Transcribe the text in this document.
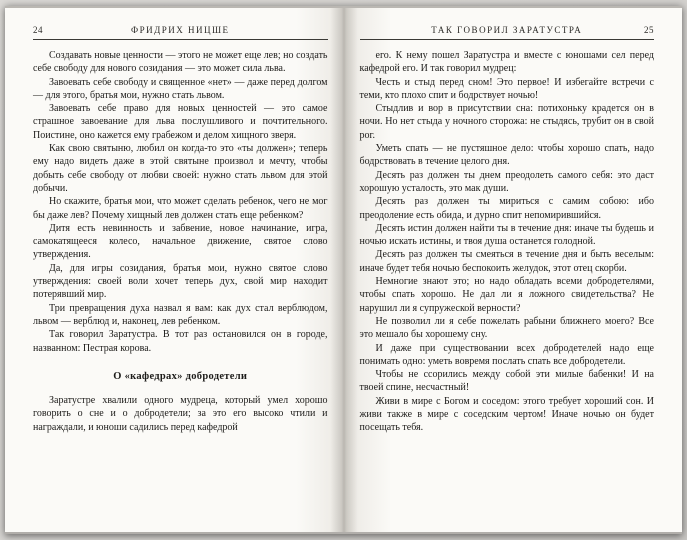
24	ФРИДРИХ НИЦШЕ

Создавать новые ценности — этого не может еще лев; но создать себе свободу для нового созидания — это может сила льва.

Завоевать себе свободу и священное «нет» — даже перед долгом — для этого, братья мои, нужно стать львом.

Завоевать себе право для новых ценностей — это самое страшное завоевание для льва послушливого и почтительного. Поистине, оно кажется ему грабежом и делом хищного зверя.

Как свою святыню, любил он когда-то это «ты должен»; теперь ему надо видеть даже в этой святыне произвол и мечту, чтобы добыть себе свободу от любви своей: нужно стать львом для этой добычи.

Но скажите, братья мои, что может сделать ребенок, чего не мог бы даже лев? Почему хищный лев должен стать еще ребенком?

Дитя есть невинность и забвение, новое начинание, игра, самокатящееся колесо, начальное движение, святое слово утверждения.

Да, для игры созидания, братья мои, нужно святое слово утверждения: своей воли хочет теперь дух, свой мир находит потерявший мир.

Три превращения духа назвал я вам: как дух стал верблюдом, львом — верблюд и, наконец, лев ребенком.

Так говорил Заратустра. В тот раз остановился он в городе, названном: Пестрая корова.

О «кафедрах» добродетели

Заратустре хвалили одного мудреца, который умел хорошо говорить о сне и о добродетели; за это его высоко чтили и награждали, и юноши садились перед кафедрой

ТАК ГОВОРИЛ ЗАРАТУСТРА	25

его. К нему пошел Заратустра и вместе с юношами сел перед кафедрой его. И так говорил мудрец:

Честь и стыд перед сном! Это первое! И избегайте встречи с теми, кто плохо спит и бодрствует ночью!

Стыдлив и вор в присутствии сна: потихоньку крадется он в ночи. Но нет стыда у ночного сторожа: не стыдясь, трубит он в свой рог.

Уметь спать — не пустяшное дело: чтобы хорошо спать, надо бодрствовать в течение целого дня.

Десять раз должен ты днем преодолеть самого себя: это даст хорошую усталость, это мак души.

Десять раз должен ты мириться с самим собою: ибо преодоление есть обида, и дурно спит непомирившийся.

Десять истин должен найти ты в течение дня: иначе ты будешь и ночью искать истины, и твоя душа останется голодной.

Десять раз должен ты смеяться в течение дня и быть веселым: иначе будет тебя ночью беспокоить желудок, этот отец скорби.

Немногие знают это; но надо обладать всеми добродетелями, чтобы спать хорошо. Не дал ли я ложного свидетельства? Не нарушил ли я супружеской верности?

Не позволил ли я себе пожелать рабыни ближнего моего? Все это мешало бы хорошему сну.

И даже при существовании всех добродетелей надо еще понимать одно: уметь вовремя послать спать все добродетели.

Чтобы не ссорились между собой эти милые бабенки! И на твоей спине, несчастный!

Живи в мире с Богом и соседом: этого требует хороший сон. И живи также в мире с соседским чертом! Иначе ночью он будет посещать тебя.
